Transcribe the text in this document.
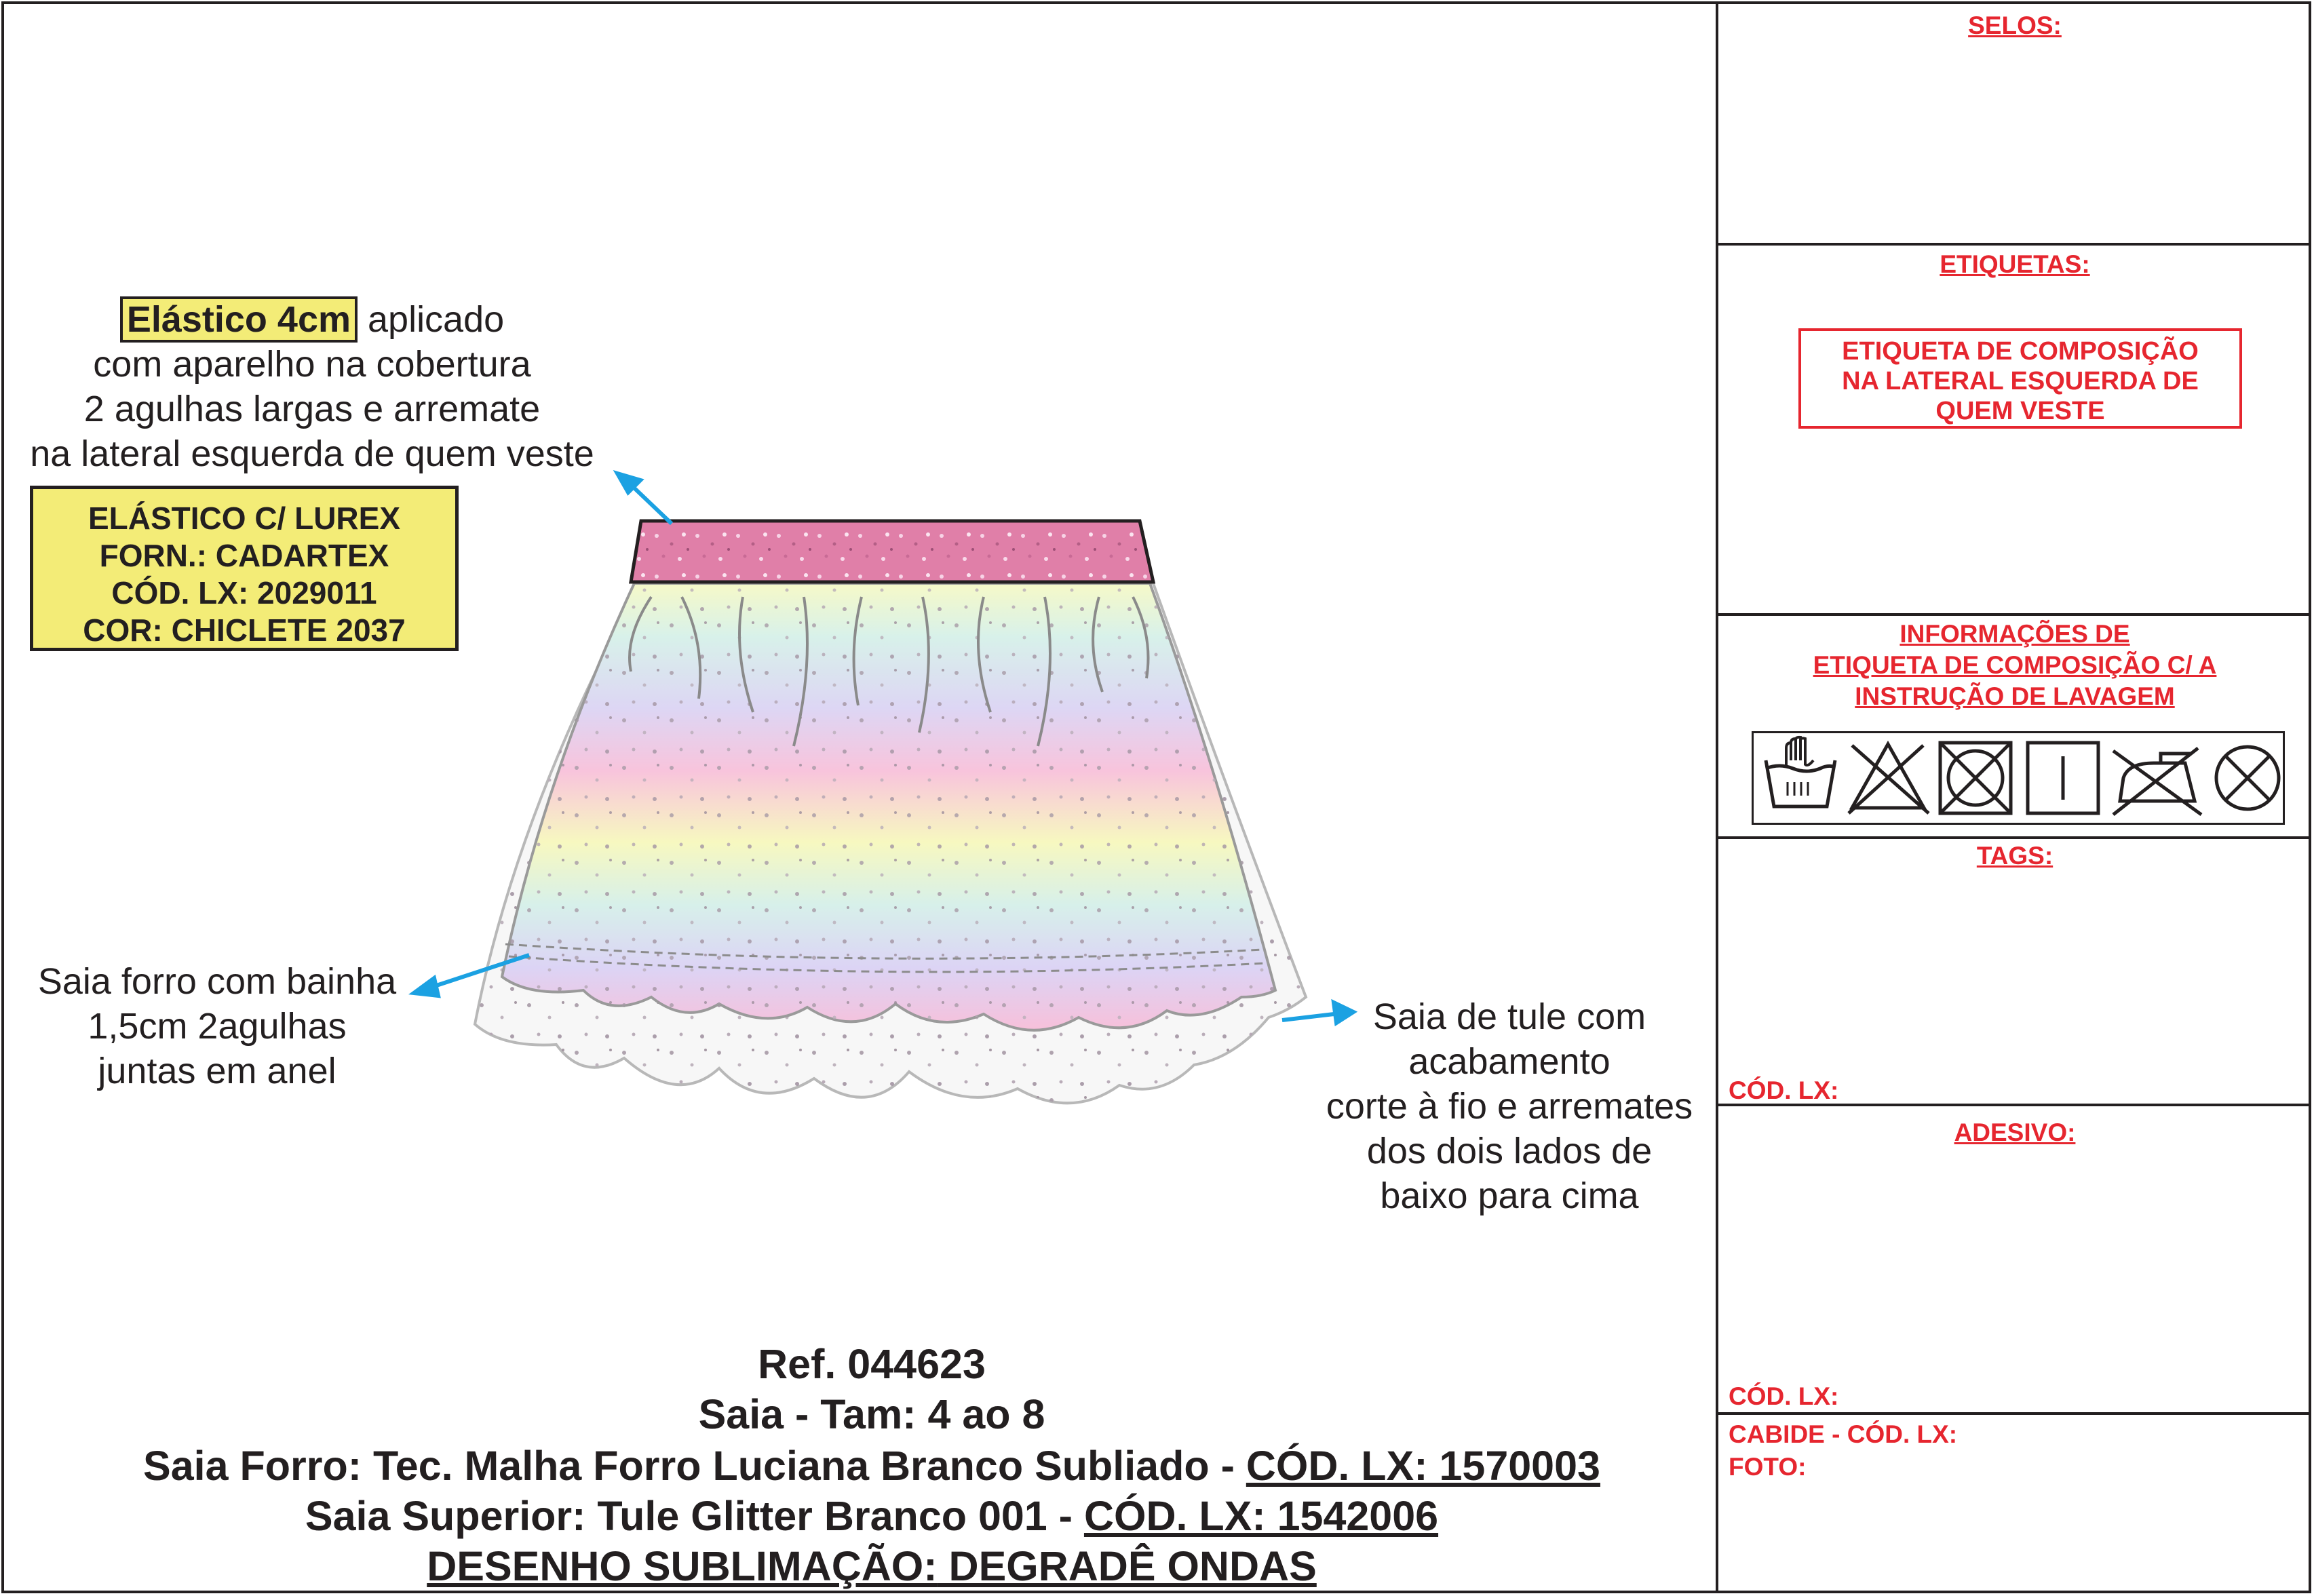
SELOS:
ETIQUETAS:
ETIQUETA DE COMPOSIÇÃO
NA LATERAL ESQUERDA DE
QUEM VESTE
INFORMAÇÕES DE
ETIQUETA DE COMPOSIÇÃO C/ A
INSTRUÇÃO DE LAVAGEM
TAGS:
CÓD. LX:
ADESIVO:
CÓD. LX:
CABIDE - CÓD. LX:
FOTO:
Elástico 4cm aplicado
com aparelho na cobertura
2 agulhas largas e arremate
na lateral esquerda de quem veste
ELÁSTICO C/ LUREX
FORN.: CADARTEX
CÓD. LX: 2029011
COR: CHICLETE 2037
Saia forro com bainha
1,5cm 2agulhas
juntas em anel
Saia de tule com
acabamento
corte à fio e arremates
dos dois lados de
baixo para cima
Ref. 044623
Saia - Tam: 4 ao 8
Saia Forro: Tec. Malha Forro Luciana Branco Subliado - CÓD. LX: 1570003
Saia Superior: Tule Glitter Branco 001 - CÓD. LX: 1542006
DESENHO SUBLIMAÇÃO: DEGRADÊ ONDAS
